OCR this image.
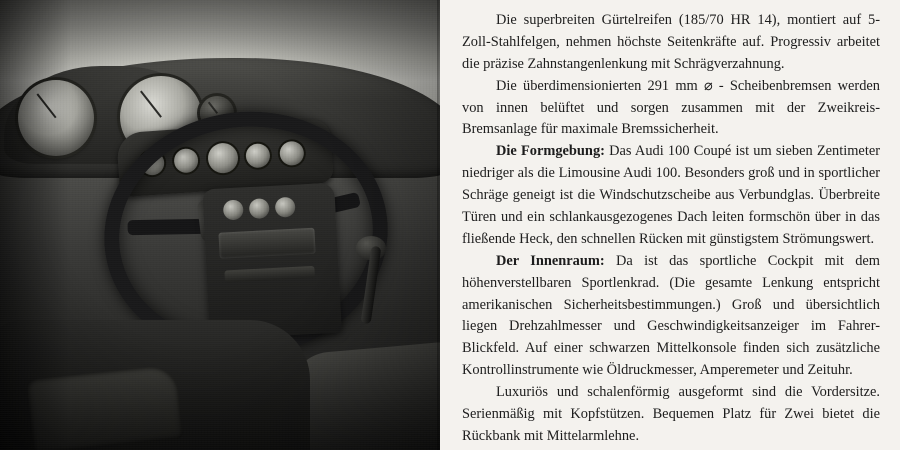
Die superbreiten Gürtelreifen (185/70 HR 14), montiert auf 5-Zoll-Stahlfelgen, nehmen höchste Seitenkräfte auf. Progressiv arbeitet die präzise Zahnstangenlenkung mit Schrägverzahnung.

Die überdimensionierten 291 mm ⌀ - Scheibenbremsen werden von innen belüftet und sorgen zusammen mit der Zweikreis-Bremsanlage für maximale Bremssicherheit.

Die Formgebung: Das Audi 100 Coupé ist um sieben Zentimeter niedriger als die Limousine Audi 100. Besonders groß und in sportlicher Schräge geneigt ist die Windschutzscheibe aus Verbundglas. Überbreite Türen und ein schlankausgezogenes Dach leiten formschön über in das fließende Heck, den schnellen Rücken mit günstigstem Strömungswert.

Der Innenraum: Da ist das sportliche Cockpit mit dem höhenverstellbaren Sportlenkrad. (Die gesamte Lenkung entspricht amerikanischen Sicherheitsbestimmungen.) Groß und übersichtlich liegen Drehzahlmesser und Geschwindigkeitsanzeiger im Fahrer-Blickfeld. Auf einer schwarzen Mittelkonsole finden sich zusätzliche Kontrollinstrumente wie Öldruckmesser, Amperemeter und Zeituhr.

Luxuriös und schalenförmig ausgeformt sind die Vordersitze. Serienmäßig mit Kopfstützen. Bequemen Platz für Zwei bietet die Rückbank mit Mittelarmlehne.
